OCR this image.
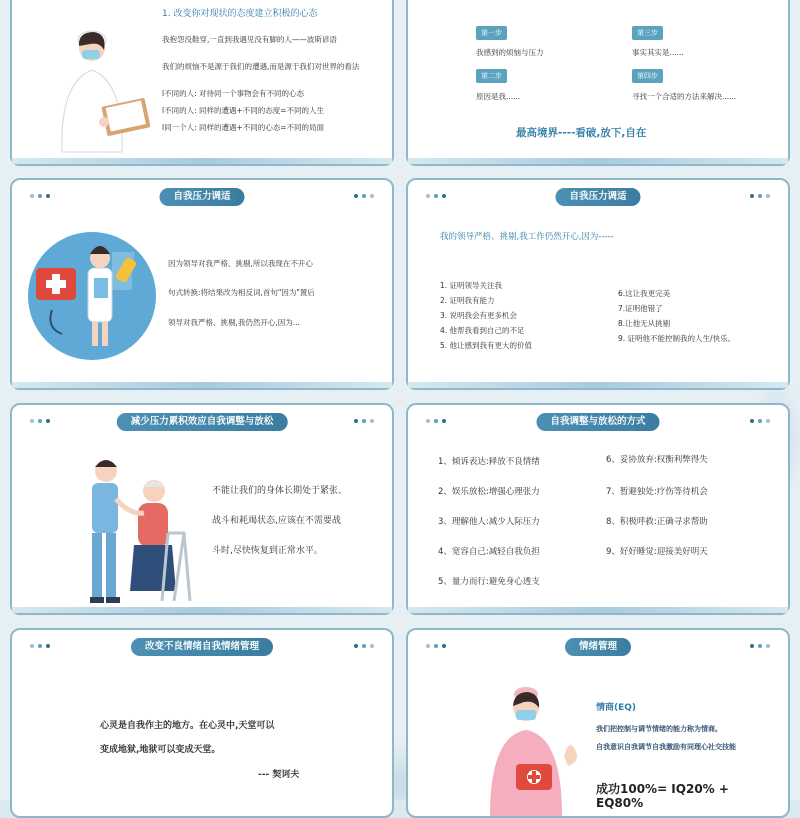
1. 改变你对现状的态度建立积极的心态
我抱怨没鞋穿,一直到我遇见没有脚的人——波斯谚语
我们的烦恼不是源于我们的遭遇,而是源于我们对世界的看法
l不同的人: 对待同一个事物会有不同的心态
l不同的人: 同样的遭遇+不同的态度=不同的人生
l同一个人: 同样的遭遇+不同的心态=不同的局面
第一步
我感到的烦恼与压力
第二步
原因是我......
第三步
事实其实是......
第四步
寻找一个合适的方法来解决......
最高境界----看破,放下,自在
自我压力调适
因为领导对我严格、挑剔,所以我现在不开心
句式转换:将结果改为相反词,首句"因为"置后
领导对我严格、挑剔,我仍然开心,因为...
自我压力调适
我的领导严格、挑剔,我工作仍然开心,因为-----
1. 证明领导关注我
2. 证明我有能力
3. 说明我会有更多机会
4. 他帮我看到自己的不足
5. 他让感到我有更大的价值
6.这让我更完美
7.证明他错了
8.让他无从挑剔
9. 证明他不能控制我的人生/快乐。
减少压力累积效应自我调整与放松
不能让我们的身体长期处于紧张、
战斗和耗竭状态,应该在不需要战
斗时,尽快恢复到正常水平。
自我调整与放松的方式
1、倾诉表达:释放不良情绪
2、娱乐放松:增强心理张力
3、理解他人:减少人际压力
4、宽容自己:减轻自我负担
5、量力而行:避免身心透支
6、妥协放弃:权衡利弊得失
7、暂避独处:疗伤等待机会
8、积极呼救:正确寻求帮助
9、好好睡觉:迎接美好明天
改变不良情绪自我情绪管理
心灵是自我作主的地方。在心灵中,天堂可以
变成地狱,地狱可以变成天堂。
--- 契诃夫
情绪管理
情商(EQ)
我们把控制与调节情绪的能力称为情商。
自我意识自我调节自我激励有同理心社交技能
成功100%= IQ20% +
EQ80%
